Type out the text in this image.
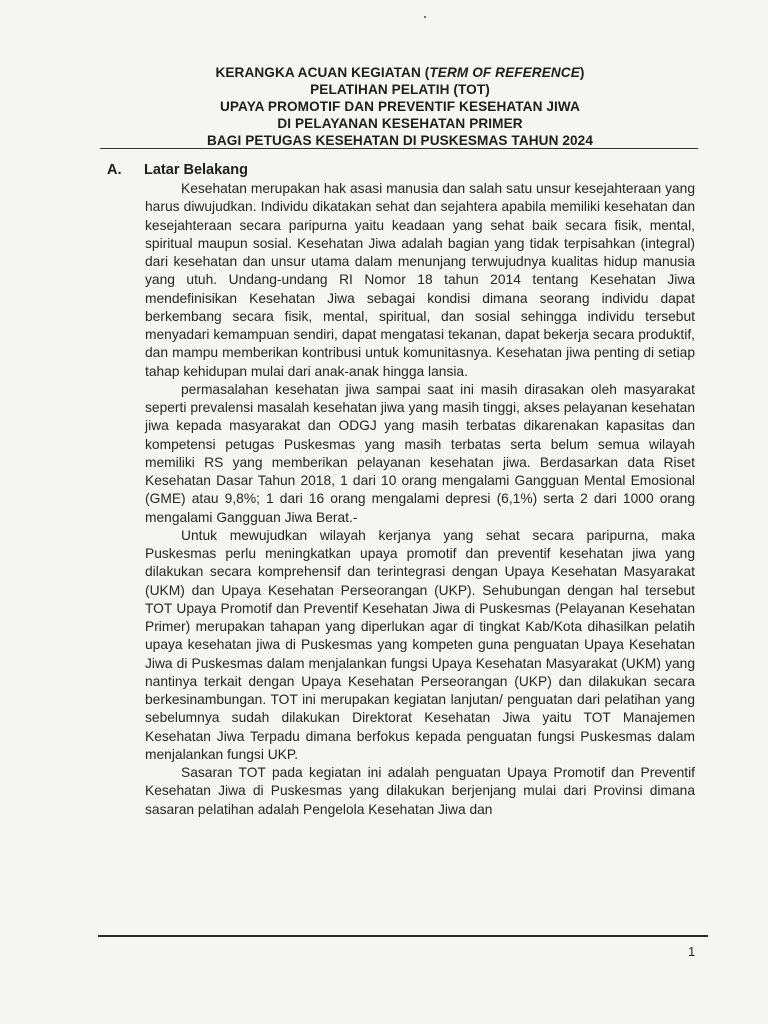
KERANGKA ACUAN KEGIATAN (TERM OF REFERENCE)
PELATIHAN PELATIH (TOT)
UPAYA PROMOTIF DAN PREVENTIF KESEHATAN JIWA
DI PELAYANAN KESEHATAN PRIMER
BAGI PETUGAS KESEHATAN DI PUSKESMAS TAHUN 2024
A. Latar Belakang

Kesehatan merupakan hak asasi manusia dan salah satu unsur kesejahteraan yang harus diwujudkan. Individu dikatakan sehat dan sejahtera apabila memiliki kesehatan dan kesejahteraan secara paripurna yaitu keadaan yang sehat baik secara fisik, mental, spiritual maupun sosial. Kesehatan Jiwa adalah bagian yang tidak terpisahkan (integral) dari kesehatan dan unsur utama dalam menunjang terwujudnya kualitas hidup manusia yang utuh. Undang-undang RI Nomor 18 tahun 2014 tentang Kesehatan Jiwa mendefinisikan Kesehatan Jiwa sebagai kondisi dimana seorang individu dapat berkembang secara fisik, mental, spiritual, dan sosial sehingga individu tersebut menyadari kemampuan sendiri, dapat mengatasi tekanan, dapat bekerja secara produktif, dan mampu memberikan kontribusi untuk komunitasnya. Kesehatan jiwa penting di setiap tahap kehidupan mulai dari anak-anak hingga lansia.

permasalahan kesehatan jiwa sampai saat ini masih dirasakan oleh masyarakat seperti prevalensi masalah kesehatan jiwa yang masih tinggi, akses pelayanan kesehatan jiwa kepada masyarakat dan ODGJ yang masih terbatas dikarenakan kapasitas dan kompetensi petugas Puskesmas yang masih terbatas serta belum semua wilayah memiliki RS yang memberikan pelayanan kesehatan jiwa. Berdasarkan data Riset Kesehatan Dasar Tahun 2018, 1 dari 10 orang mengalami Gangguan Mental Emosional (GME) atau 9,8%; 1 dari 16 orang mengalami depresi (6,1%) serta 2 dari 1000 orang mengalami Gangguan Jiwa Berat.-

Untuk mewujudkan wilayah kerjanya yang sehat secara paripurna, maka Puskesmas perlu meningkatkan upaya promotif dan preventif kesehatan jiwa yang dilakukan secara komprehensif dan terintegrasi dengan Upaya Kesehatan Masyarakat (UKM) dan Upaya Kesehatan Perseorangan (UKP). Sehubungan dengan hal tersebut TOT Upaya Promotif dan Preventif Kesehatan Jiwa di Puskesmas (Pelayanan Kesehatan Primer) merupakan tahapan yang diperlukan agar di tingkat Kab/Kota dihasilkan pelatih upaya kesehatan jiwa di Puskesmas yang kompeten guna penguatan Upaya Kesehatan Jiwa di Puskesmas dalam menjalankan fungsi Upaya Kesehatan Masyarakat (UKM) yang nantinya terkait dengan Upaya Kesehatan Perseorangan (UKP) dan dilakukan secara berkesinambungan. TOT ini merupakan kegiatan lanjutan/ penguatan dari pelatihan yang sebelumnya sudah dilakukan Direktorat Kesehatan Jiwa yaitu TOT Manajemen Kesehatan Jiwa Terpadu dimana berfokus kepada penguatan fungsi Puskesmas dalam menjalankan fungsi UKP.

Sasaran TOT pada kegiatan ini adalah penguatan Upaya Promotif dan Preventif Kesehatan Jiwa di Puskesmas yang dilakukan berjenjang mulai dari Provinsi dimana sasaran pelatihan adalah Pengelola Kesehatan Jiwa dan

1
